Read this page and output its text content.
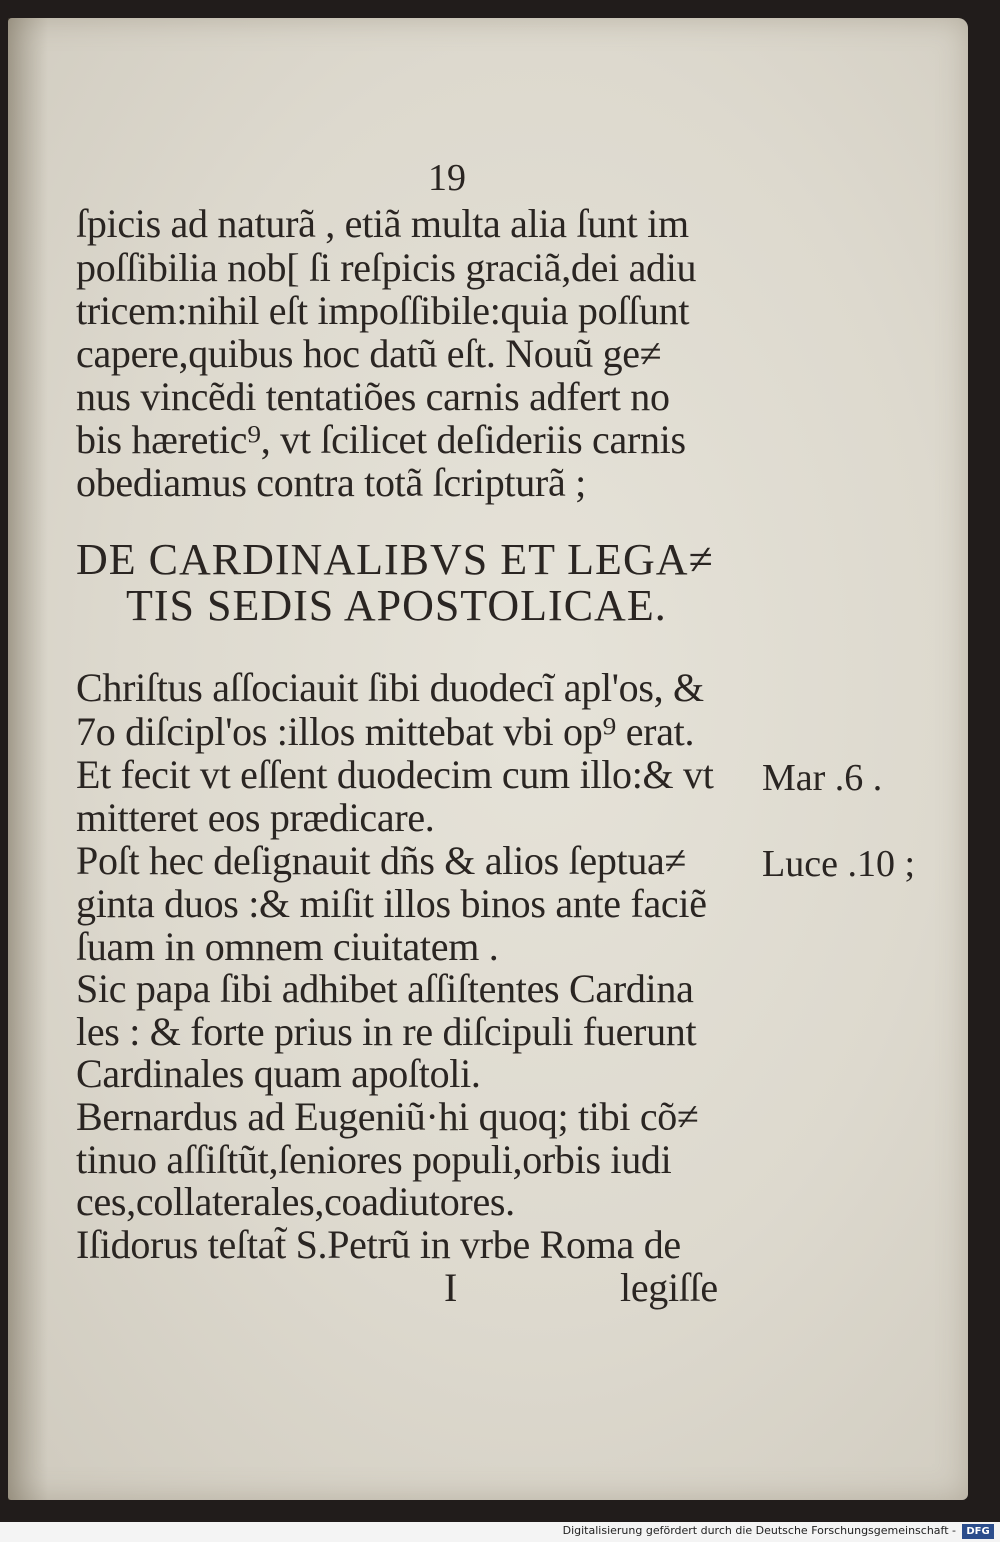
19
ſpicis ad naturã , etiã multa alia ſunt im
poſſibilia nob[ ſi reſpicis graciã,dei adiu
tricem:nihil eſt impoſſibile:quia poſſunt
capere,quibus hoc datũ eſt. Nouũ ge≠
nus vincẽdi tentatiões carnis adfert no
bis hæretic⁹, vt ſcilicet deſideriis carnis
obediamus contra totã ſcripturã ;
DE CARDINALIBVS ET LEGA≠
TIS SEDIS APOSTOLICAE.
Chriſtus aſſociauit ſibi duodecĩ apl'os, &
7o diſcipl'os :illos mittebat vbi op⁹ erat.
Et fecit vt eſſent duodecim cum illo:& vt
mitteret eos prædicare.
Poſt hec deſignauit dñs & alios ſeptua≠
ginta duos :& miſit illos binos ante faciẽ
ſuam in omnem ciuitatem .
Sic papa ſibi adhibet aſſiſtentes Cardina
les : & forte prius in re diſcipuli fuerunt
Cardinales quam apoſtoli.
Bernardus ad Eugeniũ·hi quoq; tibi cõ≠
tinuo aſſiſtũt,ſeniores populi,orbis iudi
ces,collaterales,coadiutores.
Iſidorus teſtat̃ S.Petrũ in vrbe Roma de
I	legiſſe
Mar .6 .
Luce .10 ;
Digitalisierung gefördert durch die Deutsche Forschungsgemeinschaft -	DFG
